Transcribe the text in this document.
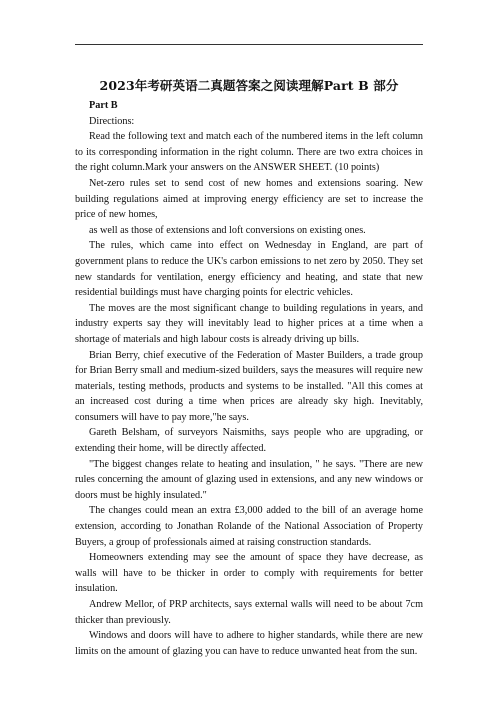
2023年考研英语二真题答案之阅读理解Part B 部分

Part B

Directions:

Read the following text and match each of the numbered items in the left column to its corresponding information in the right column. There are two extra choices in the right column.Mark your answers on the ANSWER SHEET. (10 points)

Net-zero rules set to send cost of new homes and extensions soaring. New building regulations aimed at improving energy efficiency are set to increase the price of new homes,

as well as those of extensions and loft conversions on existing ones.

The rules, which came into effect on Wednesday in England, are part of government plans to reduce the UK's carbon emissions to net zero by 2050. They set new standards for ventilation, energy efficiency and heating, and state that new residential buildings must have charging points for electric vehicles.

The moves are the most significant change to building regulations in years, and industry experts say they will inevitably lead to higher prices at a time when a shortage of materials and high labour costs is already driving up bills.

Brian Berry, chief executive of the Federation of Master Builders, a trade group for Brian Berry small and medium-sized builders, says the measures will require new materials, testing methods, products and systems to be installed. "All this comes at an increased cost during a time when prices are already sky high. Inevitably, consumers will have to pay more,"he says.

Gareth Belsham, of surveyors Naismiths, says people who are upgrading, or extending their home, will be directly affected.

"The biggest changes relate to heating and insulation, " he says. "There are new rules concerning the amount of glazing used in extensions, and any new windows or doors must be highly insulated."

The changes could mean an extra £3,000 added to the bill of an average home extension, according to Jonathan Rolande of the National Association of Property Buyers, a group of professionals aimed at raising construction standards.

Homeowners extending may see the amount of space they have decrease, as walls will have to be thicker in order to comply with requirements for better insulation.

Andrew Mellor, of PRP architects, says external walls will need to be about 7cm thicker than previously.

Windows and doors will have to adhere to higher standards, while there are new limits on the amount of glazing you can have to reduce unwanted heat from the sun.
